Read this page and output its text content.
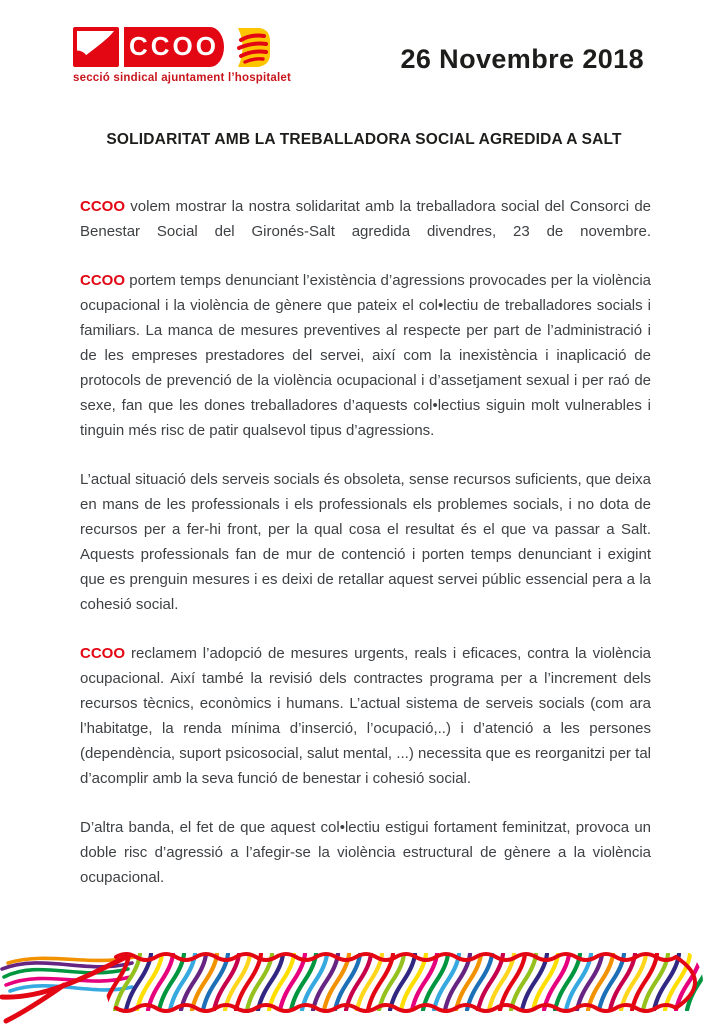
CCOO
secció sindical ajuntament l’hospitalet
26 Novembre 2018
SOLIDARITAT AMB LA TREBALLADORA SOCIAL AGREDIDA A SALT

CCOO volem mostrar la nostra solidaritat amb la treballadora social del Consorci de Benestar Social del Gironés-Salt agredida divendres, 23 de novembre.

CCOO portem temps denunciant l’existència d’agressions provocades per la violència ocupacional i la violència de gènere que pateix el col•lectiu de treballadores socials i familiars. La manca de mesures preventives al respecte per part de l’administració i de les empreses prestadores del servei, així com la inexistència i inaplicació de protocols de prevenció de la violència ocupacional i d’assetjament sexual i per raó de sexe, fan que les dones treballadores d’aquests col•lectius siguin molt vulnerables i tinguin més risc de patir qualsevol tipus d’agressions.

L’actual situació dels serveis socials és obsoleta, sense recursos suficients, que deixa en mans de les professionals i els professionals els problemes socials, i no dota de recursos per a fer-hi front, per la qual cosa el resultat és el que va passar a Salt. Aquests professionals fan de mur de contenció i porten temps denunciant i exigint que es prenguin mesures i es deixi de retallar aquest servei públic essencial pera a la cohesió social.

CCOO reclamem l’adopció de mesures urgents, reals i eficaces, contra la violència ocupacional. Així també la revisió dels contractes programa per a l’increment dels recursos tècnics, econòmics i humans. L’actual sistema de serveis socials (com ara l’habitatge, la renda mínima d’inserció, l’ocupació,..) i d’atenció a les persones (dependència, suport psicosocial, salut mental, ...) necessita que es reorganitzi per tal d’acomplir amb la seva funció de benestar i cohesió social.

D’altra banda, el fet de que aquest col•lectiu estigui fortament feminitzat, provoca un doble risc d’agressió a l’afegir-se la violència estructural de gènere a la violència ocupacional.
